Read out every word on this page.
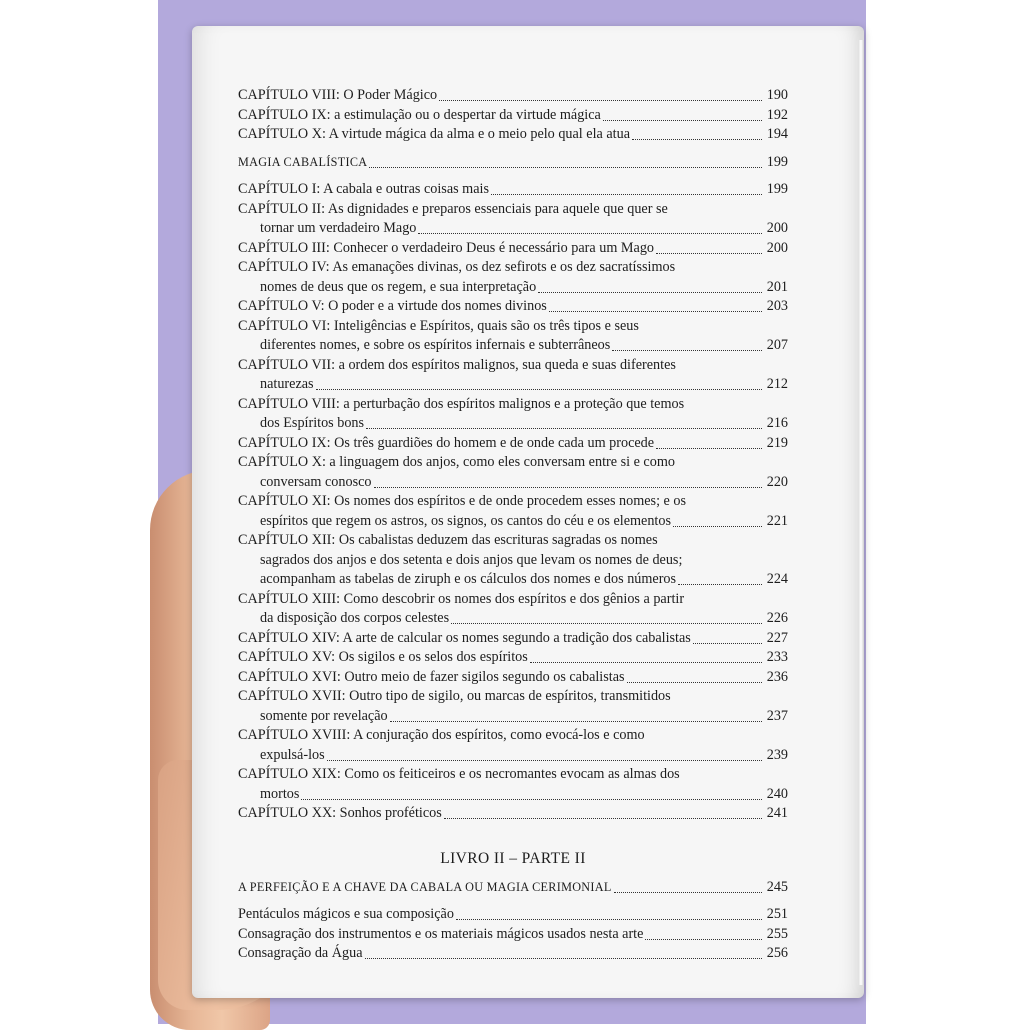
CAPÍTULO VIII: O Poder Mágico	190
CAPÍTULO IX: a estimulação ou o despertar da virtude mágica	192
CAPÍTULO X: A virtude mágica da alma e o meio pelo qual ela atua	194
MAGIA CABALÍSTICA	199
CAPÍTULO I: A cabala e outras coisas mais	199
CAPÍTULO II: As dignidades e preparos essenciais para aquele que quer se
tornar um verdadeiro Mago	200
CAPÍTULO III: Conhecer o verdadeiro Deus é necessário para um Mago	200
CAPÍTULO IV: As emanações divinas, os dez sefirots e os dez sacratíssimos
nomes de deus que os regem, e sua interpretação	201
CAPÍTULO V: O poder e a virtude dos nomes divinos	203
CAPÍTULO VI: Inteligências e Espíritos, quais são os três tipos e seus
diferentes nomes, e sobre os espíritos infernais e subterrâneos	207
CAPÍTULO VII: a ordem dos espíritos malignos, sua queda e suas diferentes
naturezas	212
CAPÍTULO VIII: a perturbação dos espíritos malignos e a proteção que temos
dos Espíritos bons	216
CAPÍTULO IX: Os três guardiões do homem e de onde cada um procede	219
CAPÍTULO X: a linguagem dos anjos, como eles conversam entre si e como
conversam conosco	220
CAPÍTULO XI: Os nomes dos espíritos e de onde procedem esses nomes; e os
espíritos que regem os astros, os signos, os cantos do céu e os elementos	221
CAPÍTULO XII: Os cabalistas deduzem das escrituras sagradas os nomes
sagrados dos anjos e dos setenta e dois anjos que levam os nomes de deus;
acompanham as tabelas de ziruph e os cálculos dos nomes e dos números	224
CAPÍTULO XIII: Como descobrir os nomes dos espíritos e dos gênios a partir
da disposição dos corpos celestes	226
CAPÍTULO XIV: A arte de calcular os nomes segundo a tradição dos cabalistas	227
CAPÍTULO XV: Os sigilos e os selos dos espíritos	233
CAPÍTULO XVI: Outro meio de fazer sigilos segundo os cabalistas	236
CAPÍTULO XVII: Outro tipo de sigilo, ou marcas de espíritos, transmitidos
somente por revelação	237
CAPÍTULO XVIII: A conjuração dos espíritos, como evocá-los e como
expulsá-los	239
CAPÍTULO XIX: Como os feiticeiros e os necromantes evocam as almas dos
mortos	240
CAPÍTULO XX: Sonhos proféticos	241
LIVRO II – PARTE II
A PERFEIÇÃO E A CHAVE DA CABALA OU MAGIA CERIMONIAL	245
Pentáculos mágicos e sua composição	251
Consagração dos instrumentos e os materiais mágicos usados nesta arte	255
Consagração da Água	256
